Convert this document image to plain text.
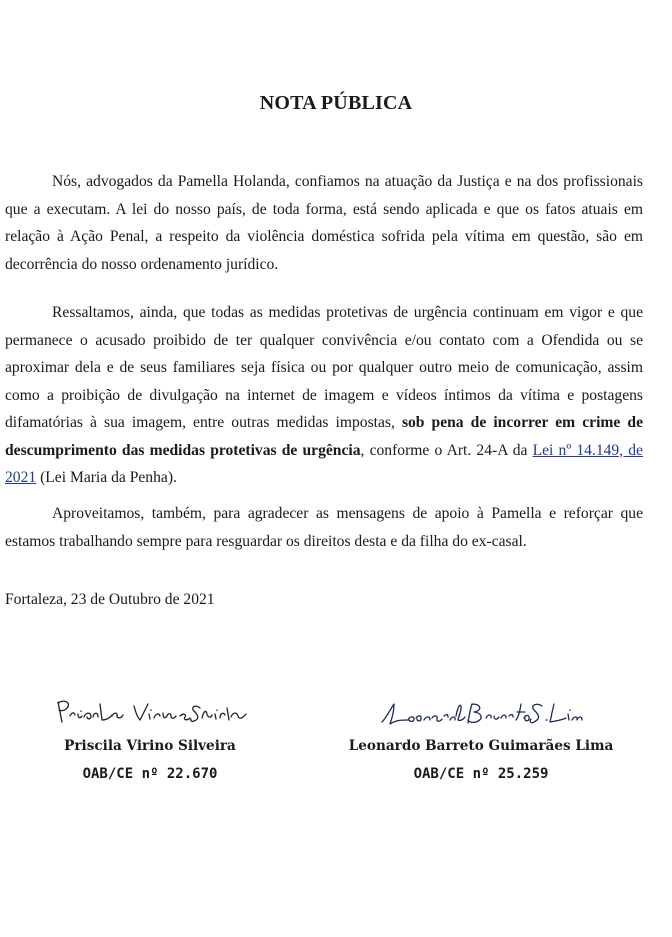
NOTA PÚBLICA

Nós, advogados da Pamella Holanda, confiamos na atuação da Justiça e na dos profissionais que a executam. A lei do nosso país, de toda forma, está sendo aplicada e que os fatos atuais em relação à Ação Penal, a respeito da violência doméstica sofrida pela vítima em questão, são em decorrência do nosso ordenamento jurídico.

Ressaltamos, ainda, que todas as medidas protetivas de urgência continuam em vigor e que permanece o acusado proibido de ter qualquer convivência e/ou contato com a Ofendida ou se aproximar dela e de seus familiares seja física ou por qualquer outro meio de comunicação, assim como a proibição de divulgação na internet de imagem e vídeos íntimos da vítima e postagens difamatórias à sua imagem, entre outras medidas impostas, sob pena de incorrer em crime de descumprimento das medidas protetivas de urgência, conforme o Art. 24-A da Lei nº 14.149, de 2021 (Lei Maria da Penha).

Aproveitamos, também, para agradecer as mensagens de apoio à Pamella e reforçar que estamos trabalhando sempre para resguardar os direitos desta e da filha do ex-casal.

Fortaleza, 23 de Outubro de 2021

Priscila Virino Silveira
OAB/CE nº 22.670
Leonardo Barreto Guimarães Lima
OAB/CE nº 25.259
